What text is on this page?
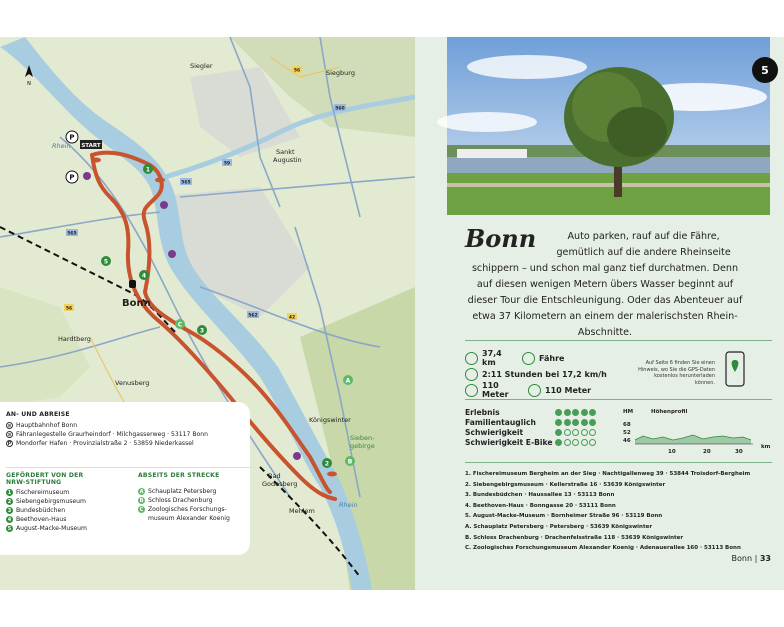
1
4
5
3
2
C
A
B
P
P
START
N
56
560
59
565
565
562	42
56
Siegler
Siegburg
Sankt
Augustin
Bonn
Hardtberg
Venusberg
Königswinter
Sieben-
gebirge
Bad
Godesberg
Mehlem
Rhein
Rhein
AN- UND ABREISE
⊙ Hauptbahnhof Bonn
⊙ Fähranlegestelle Graurheindorf · Milchgasserweg · 53117 Bonn
P Mondorfer Hafen · Provinzialstraße 2 · 53859 Niederkassel
GEFÖRDERT VON DER
NRW-STIFTUNG
1 Fischereimuseum
2 Siebengebirgsmuseum
3 Bundesbüdchen
4 Beethoven-Haus
5 August-Macke-Museum
ABSEITS DER STRECKE
A Schauplatz Petersberg
B Schloss Drachenburg
C Zoologisches Forschungs-
museum Alexander Koenig
5
Bonn	Auto parken, rauf auf die Fähre, gemütlich auf die andere Rheinseite schippern – und schon mal ganz tief durchatmen. Denn auf diesen wenigen Metern übers Wasser beginnt auf dieser Tour die Entschleunigung. Oder das Abenteuer auf etwa 37 Kilometern an einem der malerischsten Rhein-Abschnitte.
37,4 km	Fähre
2:11 Stunden bei 17,2 km/h
110 Meter	110 Meter
Auf Seite 6 finden Sie einen Hinweis, wo Sie die GPS-Daten kostenlos herunterladen können.
Erlebnis
Familientauglich
Schwierigkeit
Schwierigkeit E-Bike
HM	Höhenprofil
68
52
46
km
10	20	30
1. Fischereimuseum Bergheim an der Sieg · Nachtigallenweg 39 · 53844 Troisdorf-Bergheim
2. Siebengebirgsmuseum · Kellerstraße 16 · 53639 Königswinter
3. Bundesbüdchen · Haussallee 13 · 53113 Bonn
4. Beethoven-Haus · Bonngasse 20 · 53111 Bonn
5. August-Macke-Museum · Bornheimer Straße 96 · 53119 Bonn
A. Schauplatz Petersberg · Petersberg · 53639 Königswinter
B. Schloss Drachenburg · Drachenfelsstraße 118 · 53639 Königswinter
C. Zoologisches Forschungsmuseum Alexander Koenig · Adenauerallee 160 · 53113 Bonn
Bonn | 33
